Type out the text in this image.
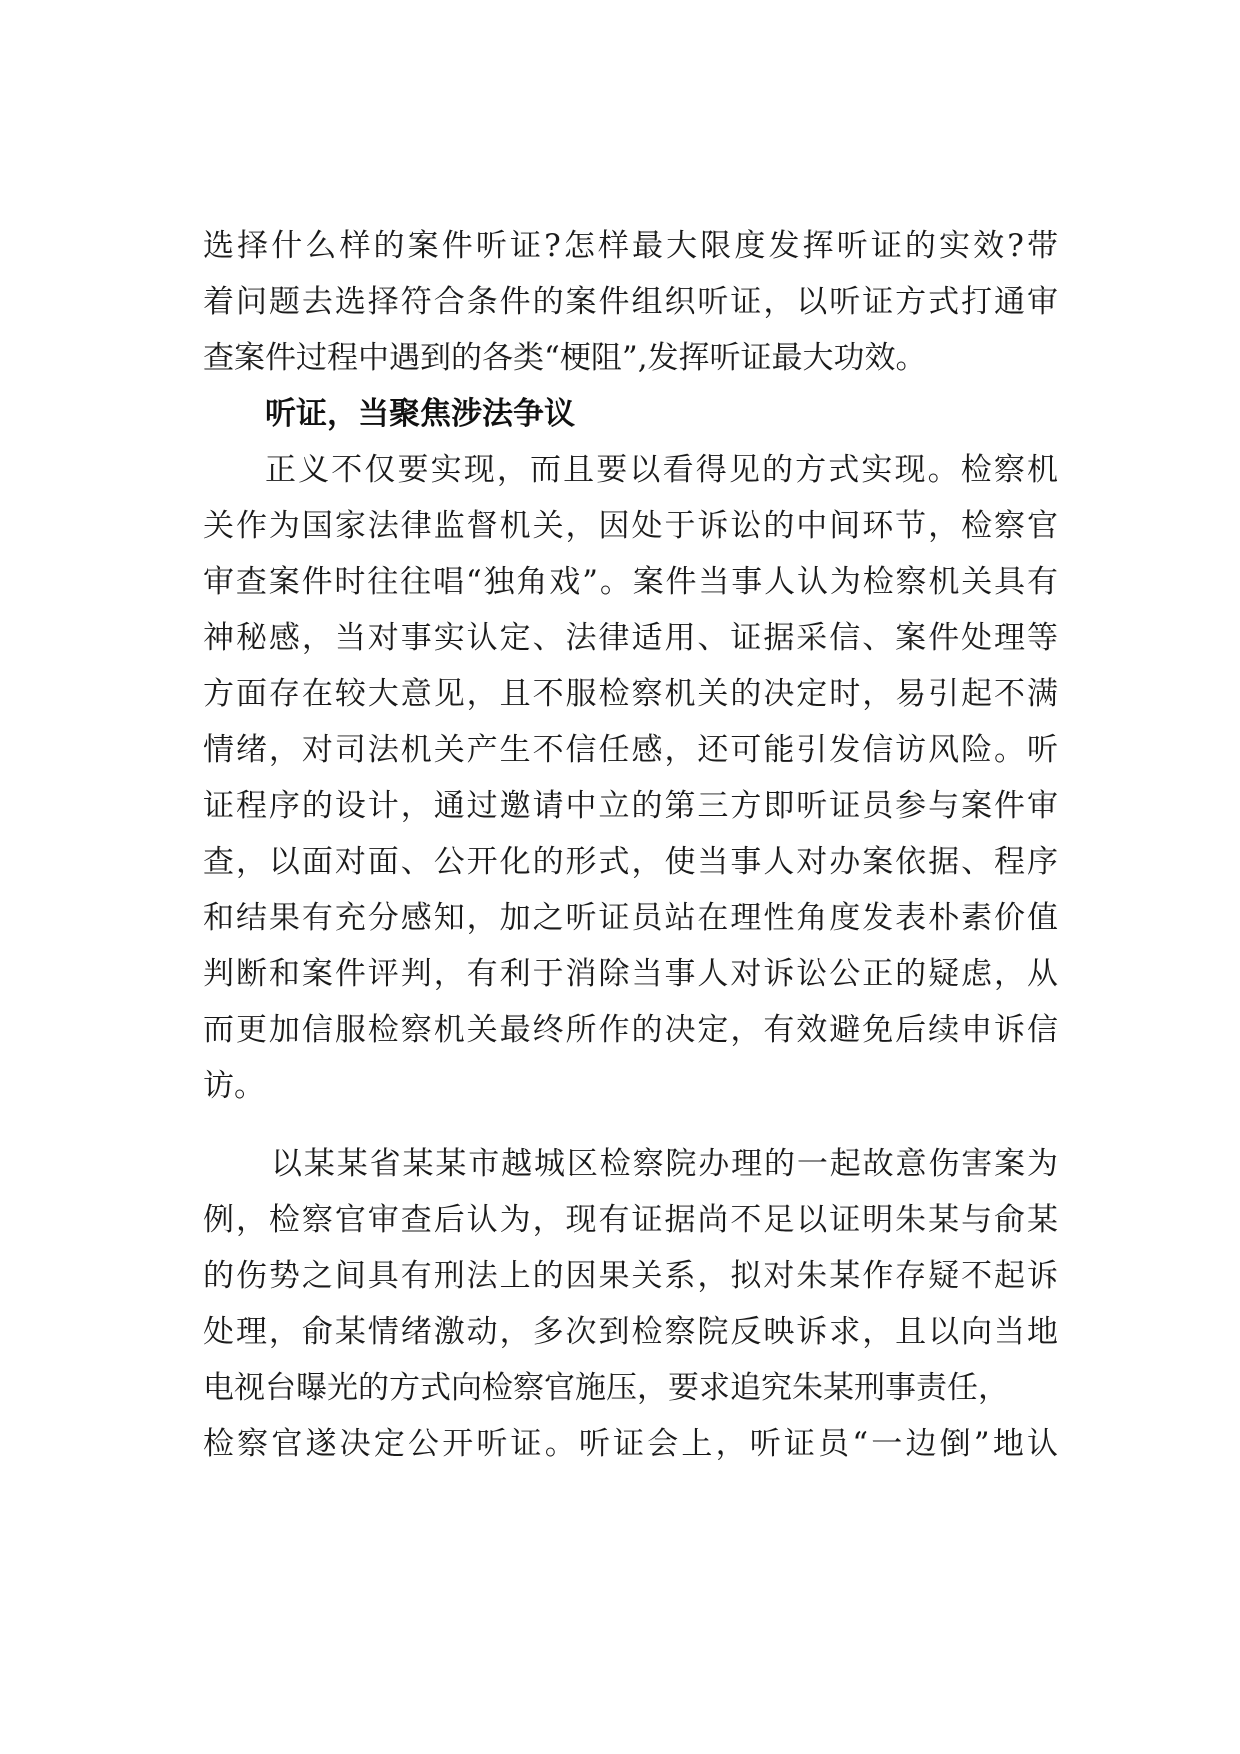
选择什么样的案件听证?怎样最大限度发挥听证的实效?带
着问题去选择符合条件的案件组织听证，以听证方式打通审
查案件过程中遇到的各类“梗阻”,发挥听证最大功效。
听证，当聚焦涉法争议
正义不仅要实现，而且要以看得见的方式实现。检察机
关作为国家法律监督机关，因处于诉讼的中间环节，检察官
审查案件时往往唱“独角戏”。案件当事人认为检察机关具有
神秘感，当对事实认定、法律适用、证据采信、案件处理等
方面存在较大意见，且不服检察机关的决定时，易引起不满
情绪，对司法机关产生不信任感，还可能引发信访风险。听
证程序的设计，通过邀请中立的第三方即听证员参与案件审
查，以面对面、公开化的形式，使当事人对办案依据、程序
和结果有充分感知，加之听证员站在理性角度发表朴素价值
判断和案件评判，有利于消除当事人对诉讼公正的疑虑，从
而更加信服检察机关最终所作的决定，有效避免后续申诉信
访。
以某某省某某市越城区检察院办理的一起故意伤害案为
例，检察官审查后认为，现有证据尚不足以证明朱某与俞某
的伤势之间具有刑法上的因果关系，拟对朱某作存疑不起诉
处理，俞某情绪激动，多次到检察院反映诉求，且以向当地
电视台曝光的方式向检察官施压，要求追究朱某刑事责任，
检察官遂决定公开听证。听证会上，听证员“一边倒”地认
